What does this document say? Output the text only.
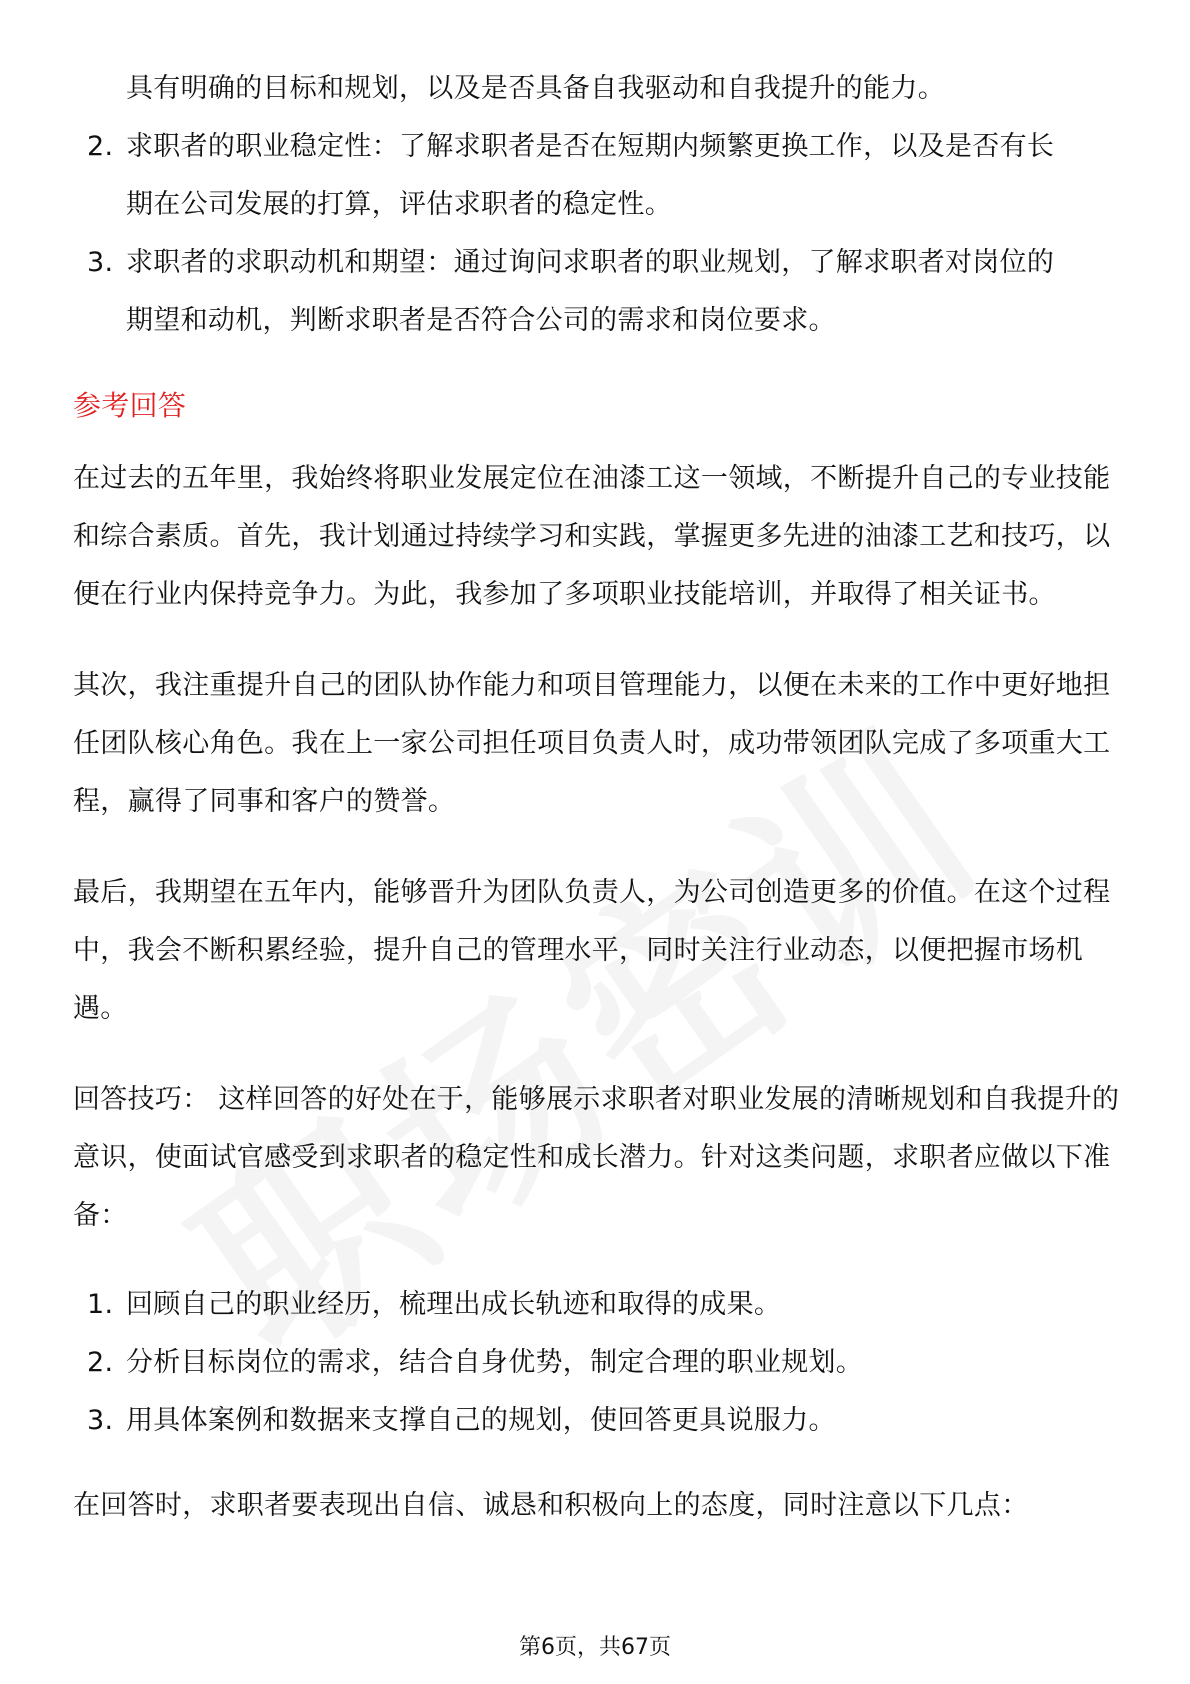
具有明确的目标和规划，以及是否具备自我驱动和自我提升的能力。

2. 求职者的职业稳定性：了解求职者是否在短期内频繁更换工作，以及是否有长
期在公司发展的打算，评估求职者的稳定性。
3. 求职者的求职动机和期望：通过询问求职者的职业规划，了解求职者对岗位的
期望和动机，判断求职者是否符合公司的需求和岗位要求。
参考回答

在过去的五年里，我始终将职业发展定位在油漆工这一领域，不断提升自己的专业技能和综合素质。首先，我计划通过持续学习和实践，掌握更多先进的油漆工艺和技巧，以便在行业内保持竞争力。为此，我参加了多项职业技能培训，并取得了相关证书。

其次，我注重提升自己的团队协作能力和项目管理能力，以便在未来的工作中更好地担任团队核心角色。我在上一家公司担任项目负责人时，成功带领团队完成了多项重大工程，赢得了同事和客户的赞誉。

最后，我期望在五年内，能够晋升为团队负责人，为公司创造更多的价值。在这个过程中，我会不断积累经验，提升自己的管理水平，同时关注行业动态，以便把握市场机遇。

回答技巧： 这样回答的好处在于，能够展示求职者对职业发展的清晰规划和自我提升的意识，使面试官感受到求职者的稳定性和成长潜力。针对这类问题，求职者应做以下准备：

1. 回顾自己的职业经历，梳理出成长轨迹和取得的成果。
2. 分析目标岗位的需求，结合自身优势，制定合理的职业规划。
3. 用具体案例和数据来支撑自己的规划，使回答更具说服力。

在回答时，求职者要表现出自信、诚恳和积极向上的态度，同时注意以下几点：

第6页，共67页
